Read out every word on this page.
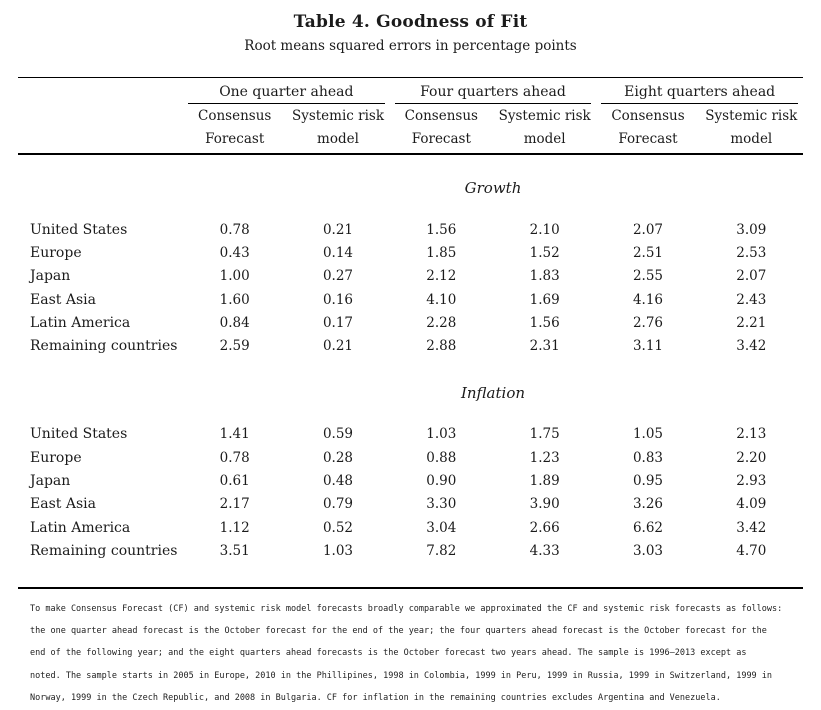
Table 4. Goodness of Fit
Root means squared errors in percentage points
One quarter ahead	Four quarters ahead	Eight quarters ahead
Consensus	Systemic risk	Consensus	Systemic risk	Consensus	Systemic risk
Forecast	model	Forecast	model	Forecast	model
Growth
United States	0.78	0.21	1.56	2.10	2.07	3.09
Europe	0.43	0.14	1.85	1.52	2.51	2.53
Japan	1.00	0.27	2.12	1.83	2.55	2.07
East Asia	1.60	0.16	4.10	1.69	4.16	2.43
Latin America	0.84	0.17	2.28	1.56	2.76	2.21
Remaining countries	2.59	0.21	2.88	2.31	3.11	3.42
Inflation
United States	1.41	0.59	1.03	1.75	1.05	2.13
Europe	0.78	0.28	0.88	1.23	0.83	2.20
Japan	0.61	0.48	0.90	1.89	0.95	2.93
East Asia	2.17	0.79	3.30	3.90	3.26	4.09
Latin America	1.12	0.52	3.04	2.66	6.62	3.42
Remaining countries	3.51	1.03	7.82	4.33	3.03	4.70
To make Consensus Forecast (CF) and systemic risk model forecasts broadly comparable we approximated the CF and systemic risk forecasts as follows:
the one quarter ahead forecast is the October forecast for the end of the year; the four quarters ahead forecast is the October forecast for the
end of the following year; and the eight quarters ahead forecasts is the October forecast two years ahead. The sample is 1996—2013 except as
noted. The sample starts in 2005 in Europe, 2010 in the Phillipines, 1998 in Colombia, 1999 in Peru, 1999 in Russia, 1999 in Switzerland, 1999 in
Norway, 1999 in the Czech Republic, and 2008 in Bulgaria. CF for inflation in the remaining countries excludes Argentina and Venezuela.
